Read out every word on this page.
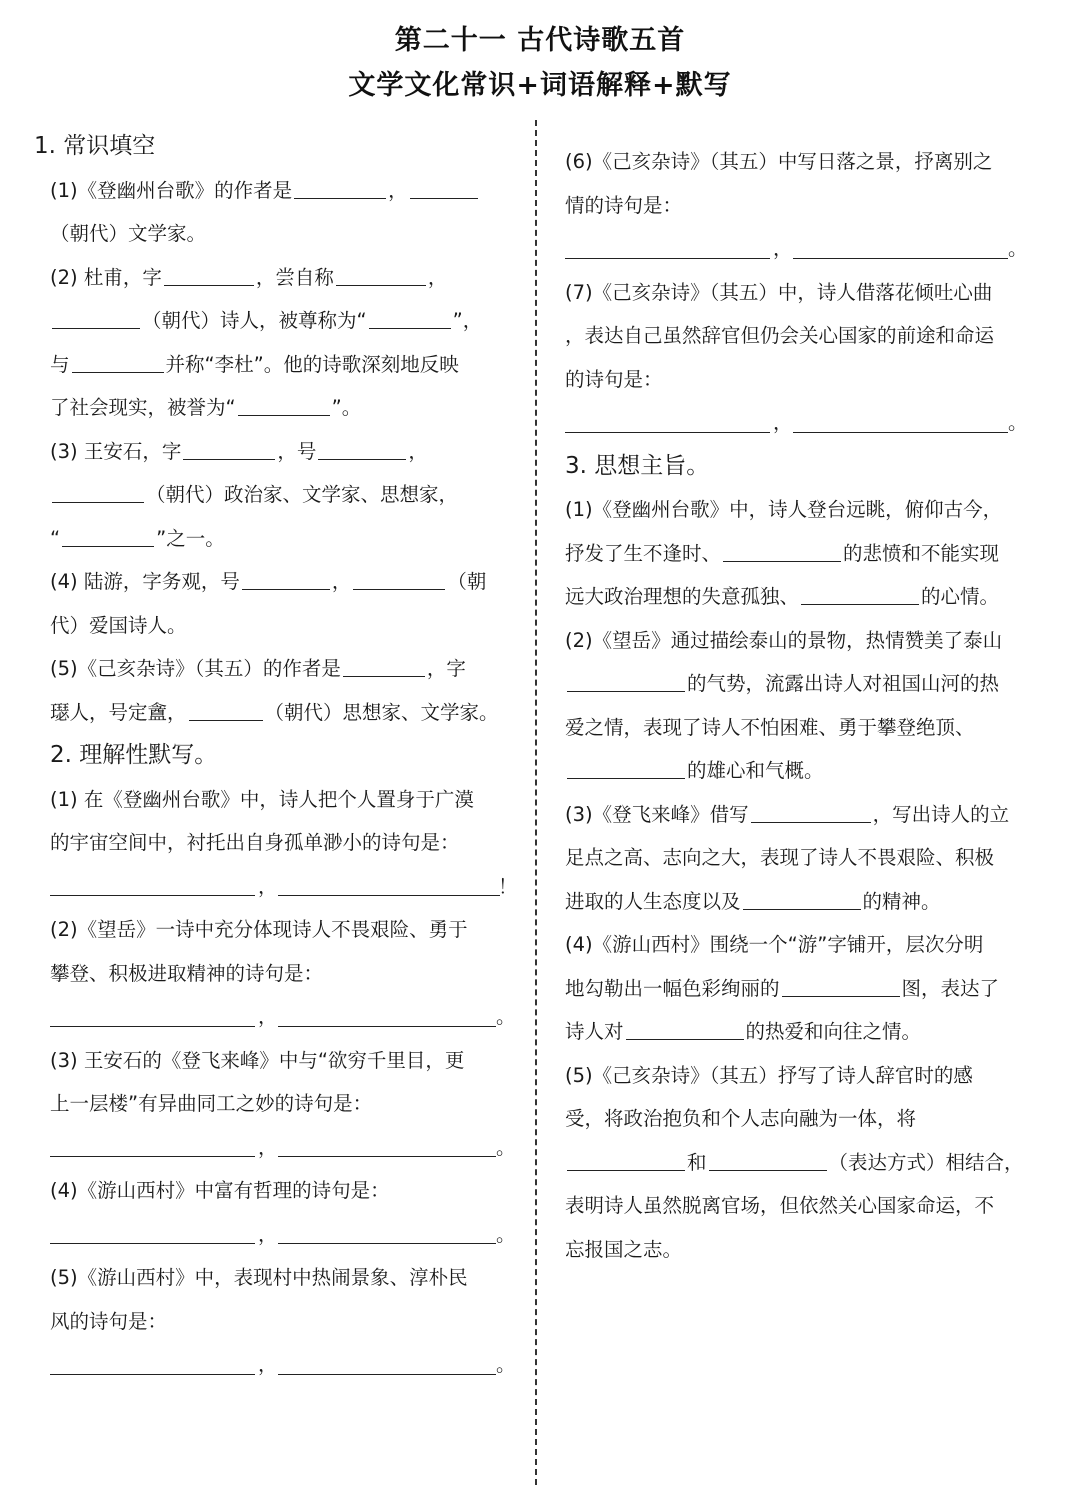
第二十一 古代诗歌五首
文学文化常识+词语解释+默写
1. 常识填空
(1)《登幽州台歌》的作者是	，
（朝代）文学家。
(2) 杜甫，字	，尝自称	，
（朝代）诗人，被尊称为“	”，
与	并称“李杜”。他的诗歌深刻地反映
了社会现实，被誉为“	”。
(3) 王安石，字	，号	，
（朝代）政治家、文学家、思想家，
“	”之一。
(4) 陆游，字务观，号	，	（朝
代）爱国诗人。
(5)《己亥杂诗》（其五）的作者是	，字
璱人，号定盦，	（朝代）思想家、文学家。
2. 理解性默写。
(1) 在《登幽州台歌》中，诗人把个人置身于广漠
的宇宙空间中，衬托出自身孤单渺小的诗句是：
，	！
(2)《望岳》一诗中充分体现诗人不畏艰险、勇于
攀登、积极进取精神的诗句是：
，	。
(3) 王安石的《登飞来峰》中与“欲穷千里目，更
上一层楼”有异曲同工之妙的诗句是：
，	。
(4)《游山西村》中富有哲理的诗句是：
，	。
(5)《游山西村》中，表现村中热闹景象、淳朴民
风的诗句是：
，	。
(6)《己亥杂诗》（其五）中写日落之景，抒离别之
情的诗句是：
，	。
(7)《己亥杂诗》（其五）中，诗人借落花倾吐心曲
，表达自己虽然辞官但仍会关心国家的前途和命运
的诗句是：
，	。
3. 思想主旨。
(1)《登幽州台歌》中，诗人登台远眺，俯仰古今，
抒发了生不逢时、	的悲愤和不能实现
远大政治理想的失意孤独、	的心情。
(2)《望岳》通过描绘泰山的景物，热情赞美了泰山
的气势，流露出诗人对祖国山河的热
爱之情，表现了诗人不怕困难、勇于攀登绝顶、
的雄心和气概。
(3)《登飞来峰》借写	，写出诗人的立
足点之高、志向之大，表现了诗人不畏艰险、积极
进取的人生态度以及	的精神。
(4)《游山西村》围绕一个“游”字铺开，层次分明
地勾勒出一幅色彩绚丽的	图，表达了
诗人对	的热爱和向往之情。
(5)《己亥杂诗》（其五）抒写了诗人辞官时的感
受，将政治抱负和个人志向融为一体，将
和	（表达方式）相结合，
表明诗人虽然脱离官场，但依然关心国家命运，不
忘报国之志。
